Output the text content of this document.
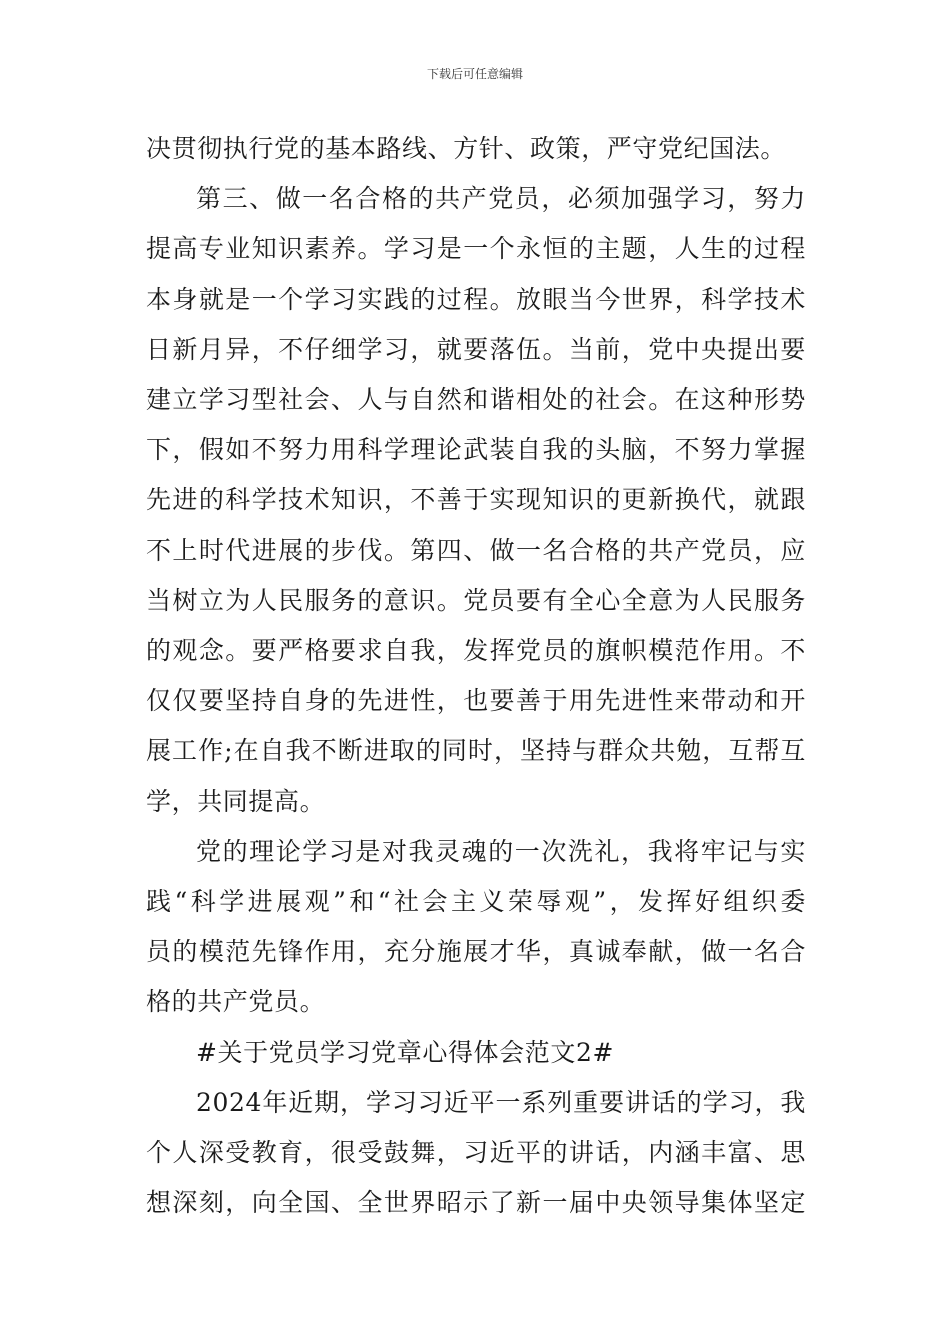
下载后可任意编辑
决贯彻执行党的基本路线、方针、政策，严守党纪国法。
第三、做一名合格的共产党员，必须加强学习，努力
提高专业知识素养。学习是一个永恒的主题，人生的过程
本身就是一个学习实践的过程。放眼当今世界，科学技术
日新月异，不仔细学习，就要落伍。当前，党中央提出要
建立学习型社会、人与自然和谐相处的社会。在这种形势
下，假如不努力用科学理论武装自我的头脑，不努力掌握
先进的科学技术知识，不善于实现知识的更新换代，就跟
不上时代进展的步伐。第四、做一名合格的共产党员，应
当树立为人民服务的意识。党员要有全心全意为人民服务
的观念。要严格要求自我，发挥党员的旗帜模范作用。不
仅仅要坚持自身的先进性，也要善于用先进性来带动和开
展工作;在自我不断进取的同时，坚持与群众共勉，互帮互
学，共同提高。
党的理论学习是对我灵魂的一次洗礼，我将牢记与实
践“科学进展观”和“社会主义荣辱观”，发挥好组织委
员的模范先锋作用，充分施展才华，真诚奉献，做一名合
格的共产党员。
#关于党员学习党章心得体会范文2#
2024年近期，学习习近平一系列重要讲话的学习，我
个人深受教育，很受鼓舞，习近平的讲话，内涵丰富、思
想深刻，向全国、全世界昭示了新一届中央领导集体坚定
